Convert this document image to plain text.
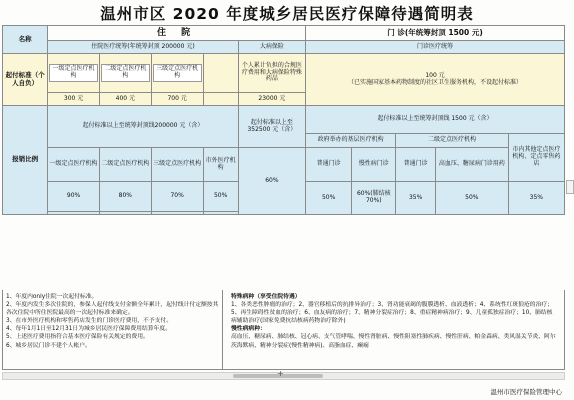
温州市区 2020 年度城乡居民医疗保障待遇简明表
名称	住 院					门 诊(年统筹封顶 1500 元)				
	住院医疗统筹(年统筹封顶 200000 元)				大病保险	门诊医疗统筹				
起付标准（个人自负）	一级定点医疗机构	二级定点医疗机构	三级定点医疗机构		个人累计负担的合规医疗费用和大病保险特殊药品	100 元
（已实施国家基本药物制度的社区卫生服务机构，不设起付标准）				

	300 元	400 元	700 元		23000 元					
报销比例	起付标准以上至统筹封顶线200000 元（含）				起付标准以上至352500 元（含）	起付标准以上至统筹封顶线 1500 元（含）				
						政府举办的基层医疗机构		二级定点医疗机构		市内其他定点医疗机构、定点零售药店
	一级定点医疗机构	二级定点医疗机构	三级定点医疗机构	市外医疗机构	60%	普通门诊	慢性病门诊	普通门诊	高血压、糖尿病门诊用药	
	90%	80%	70%	50%		50%	60%(肺结核 70%)	35%	50%	35%

1、年度内only住院一次起付标准。
2、年度内发生多次住院的，参保人起付线支付金额全年累计，起付线计付定额按其各次住院中所住医院最高的一次起付标准来确定。
3、在市外医疗机构和零售药店发生的门诊医疗费用，不予支付。
4、每年1月1日至12月31日为城乡居民医疗保障费用结算年度。
5、上述医疗费用指符合基本医疗保险有关规定的费用。
6、城乡居民门诊不建个人帐户。
特殊病种（享受住院待遇）
1、各类恶性肿瘤的治疗；2、器官移植后的抗排异治疗；3、肾功能衰竭的腹膜透析、血液透析；4、系统性红斑狼疮的治疗；5、再生障碍性贫血的治疗；6、血友病的治疗；7、精神分裂症治疗；8、重症精神病治疗；9、儿童孤独症治疗；10、肺结核病辅助治疗(国家免费抗结核病药物治疗除外)
慢性病病种：
高血压、糖尿病、肺结核、冠心病、支气管哮喘、慢性肾脏病、慢性阻塞性肺疾病、慢性肝病、帕金森病、类风湿关节炎、阿尔茨海默病、精神分裂症(慢性精神病)、高脂血症、癫痫
+
温州市医疗保险管理中心
